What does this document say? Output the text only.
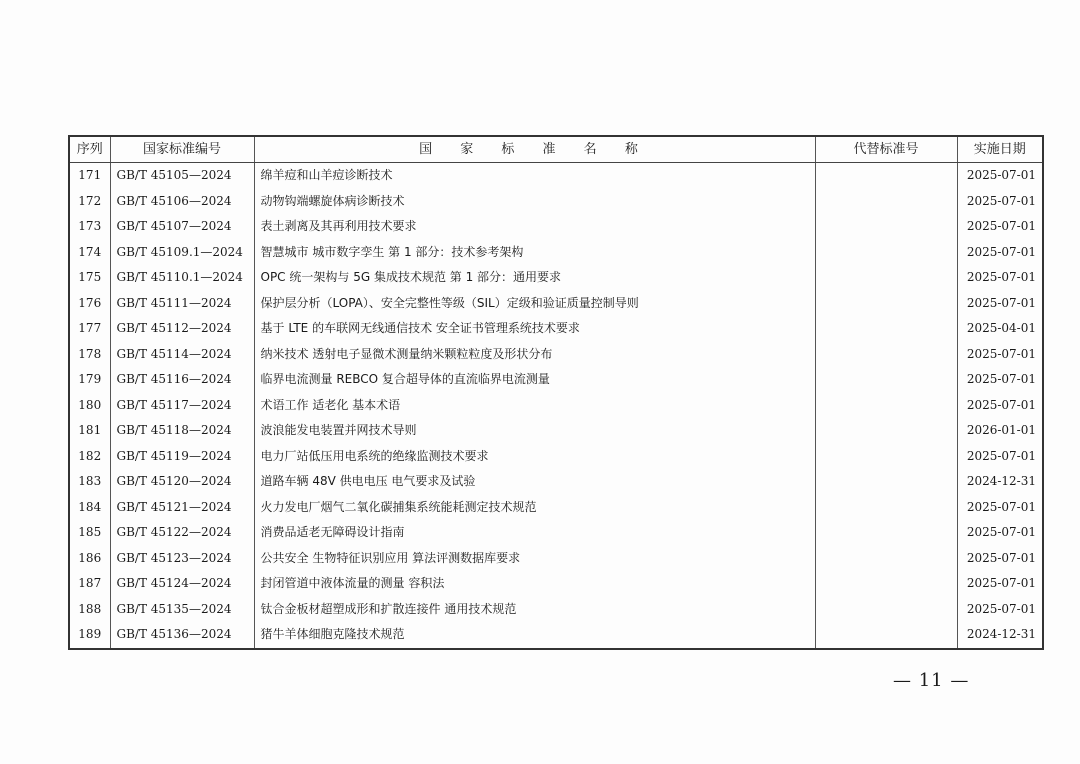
序列	国家标准编号	国 家 标 准 名 称	代替标准号	实施日期
171	GB/T 45105—2024	绵羊痘和山羊痘诊断技术		2025-07-01
172	GB/T 45106—2024	动物钩端螺旋体病诊断技术		2025-07-01
173	GB/T 45107—2024	表土剥离及其再利用技术要求		2025-07-01
174	GB/T 45109.1—2024	智慧城市 城市数字孪生 第 1 部分：技术参考架构		2025-07-01
175	GB/T 45110.1—2024	OPC 统一架构与 5G 集成技术规范 第 1 部分：通用要求		2025-07-01
176	GB/T 45111—2024	保护层分析（LOPA）、安全完整性等级（SIL）定级和验证质量控制导则		2025-07-01
177	GB/T 45112—2024	基于 LTE 的车联网无线通信技术 安全证书管理系统技术要求		2025-04-01
178	GB/T 45114—2024	纳米技术 透射电子显微术测量纳米颗粒粒度及形状分布		2025-07-01
179	GB/T 45116—2024	临界电流测量 REBCO 复合超导体的直流临界电流测量		2025-07-01
180	GB/T 45117—2024	术语工作 适老化 基本术语		2025-07-01
181	GB/T 45118—2024	波浪能发电装置并网技术导则		2026-01-01
182	GB/T 45119—2024	电力厂站低压用电系统的绝缘监测技术要求		2025-07-01
183	GB/T 45120—2024	道路车辆 48V 供电电压 电气要求及试验		2024-12-31
184	GB/T 45121—2024	火力发电厂烟气二氧化碳捕集系统能耗测定技术规范		2025-07-01
185	GB/T 45122—2024	消费品适老无障碍设计指南		2025-07-01
186	GB/T 45123—2024	公共安全 生物特征识别应用 算法评测数据库要求		2025-07-01
187	GB/T 45124—2024	封闭管道中液体流量的测量 容积法		2025-07-01
188	GB/T 45135—2024	钛合金板材超塑成形和扩散连接件 通用技术规范		2025-07-01
189	GB/T 45136—2024	猪牛羊体细胞克隆技术规范		2024-12-31
— 11 —
